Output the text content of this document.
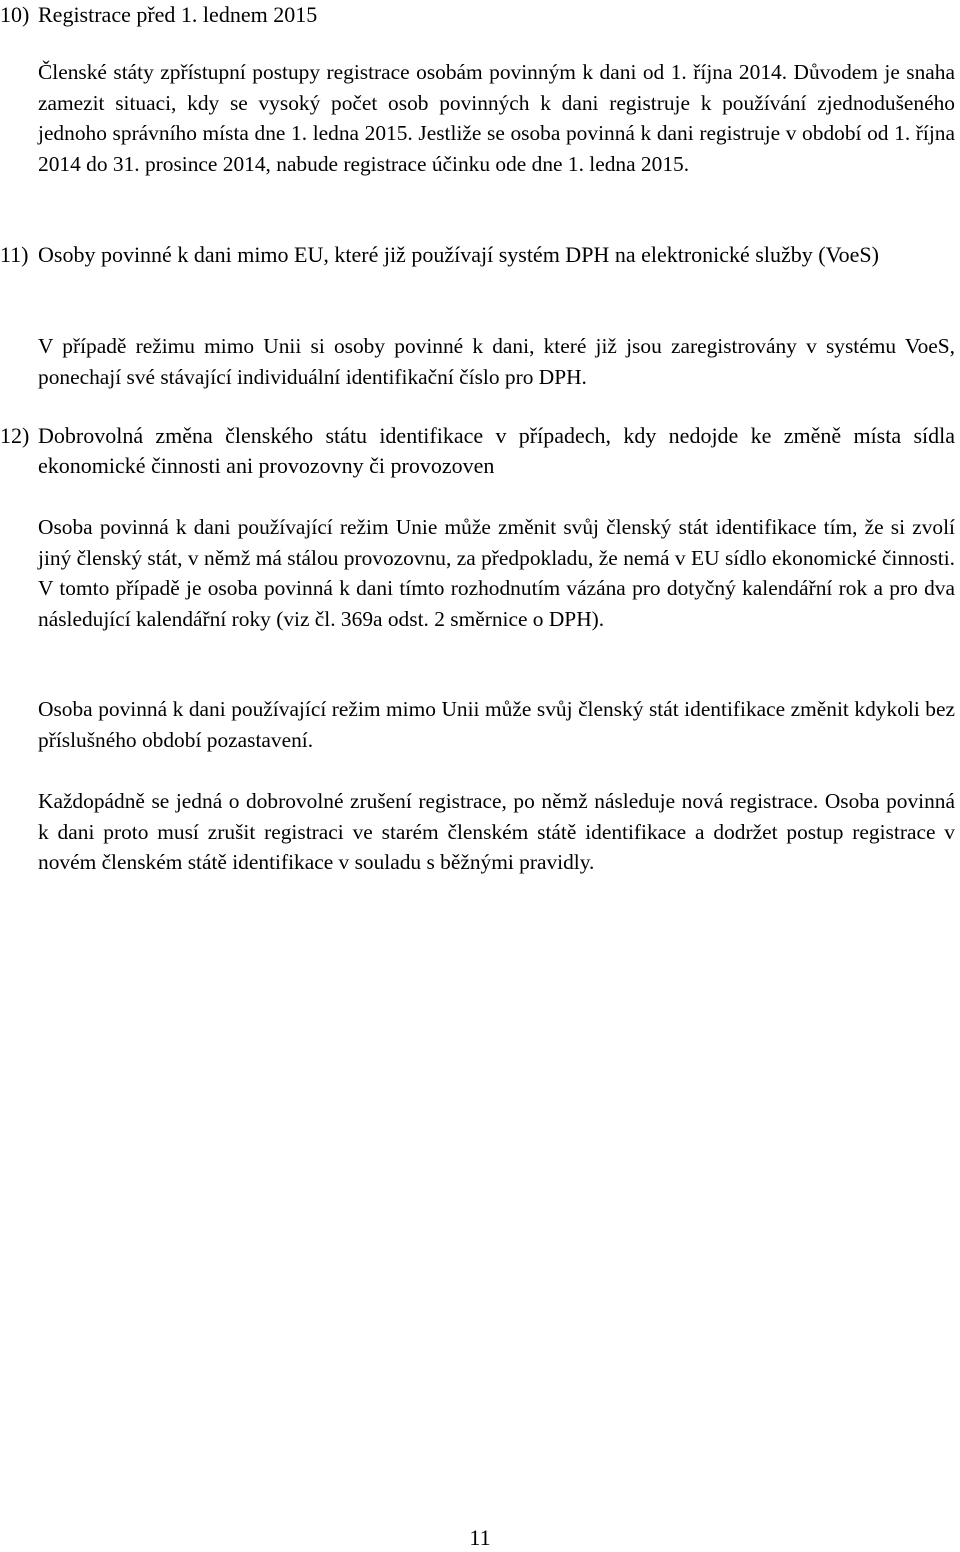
10) Registrace před 1. lednem 2015

Členské státy zpřístupní postupy registrace osobám povinným k dani od 1. října 2014. Důvodem je snaha zamezit situaci, kdy se vysoký počet osob povinných k dani registruje k používání zjednodušeného jednoho správního místa dne 1. ledna 2015. Jestliže se osoba povinná k dani registruje v období od 1. října 2014 do 31. prosince 2014, nabude registrace účinku ode dne 1. ledna 2015.

11) Osoby povinné k dani mimo EU, které již používají systém DPH na elektronické služby (VoeS)

V případě režimu mimo Unii si osoby povinné k dani, které již jsou zaregistrovány v systému VoeS, ponechají své stávající individuální identifikační číslo pro DPH.

12) Dobrovolná změna členského státu identifikace v případech, kdy nedojde ke změně místa sídla ekonomické činnosti ani provozovny či provozoven

Osoba povinná k dani používající režim Unie může změnit svůj členský stát identifikace tím, že si zvolí jiný členský stát, v němž má stálou provozovnu, za předpokladu, že nemá v EU sídlo ekonomické činnosti. V tomto případě je osoba povinná k dani tímto rozhodnutím vázána pro dotyčný kalendářní rok a pro dva následující kalendářní roky (viz čl. 369a odst. 2 směrnice o DPH).

Osoba povinná k dani používající režim mimo Unii může svůj členský stát identifikace změnit kdykoli bez příslušného období pozastavení.

Každopádně se jedná o dobrovolné zrušení registrace, po němž následuje nová registrace. Osoba povinná k dani proto musí zrušit registraci ve starém členském státě identifikace a dodržet postup registrace v novém členském státě identifikace v souladu s běžnými pravidly.

11
